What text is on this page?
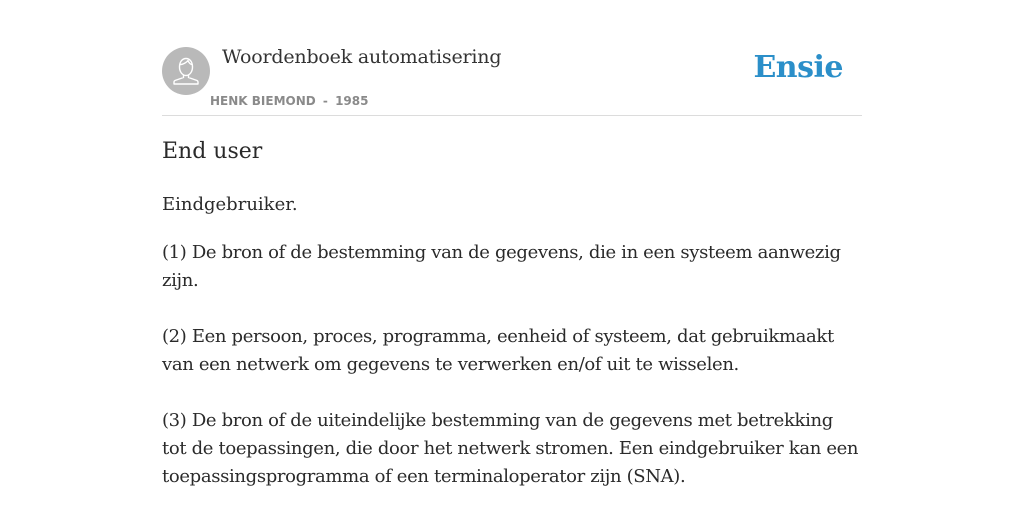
Woordenboek automatisering
HENK BIEMOND - 1985
Ensie
End user

Eindgebruiker.

(1) De bron of de bestemming van de gegevens, die in een systeem aanwezig zijn.

(2) Een persoon, proces, programma, eenheid of systeem, dat gebruikmaakt van een netwerk om gegevens te verwerken en/of uit te wisselen.

(3) De bron of de uiteindelijke bestemming van de gegevens met betrekking tot de toepassingen, die door het netwerk stromen. Een eindgebruiker kan een toepassingsprogramma of een terminaloperator zijn (SNA).
